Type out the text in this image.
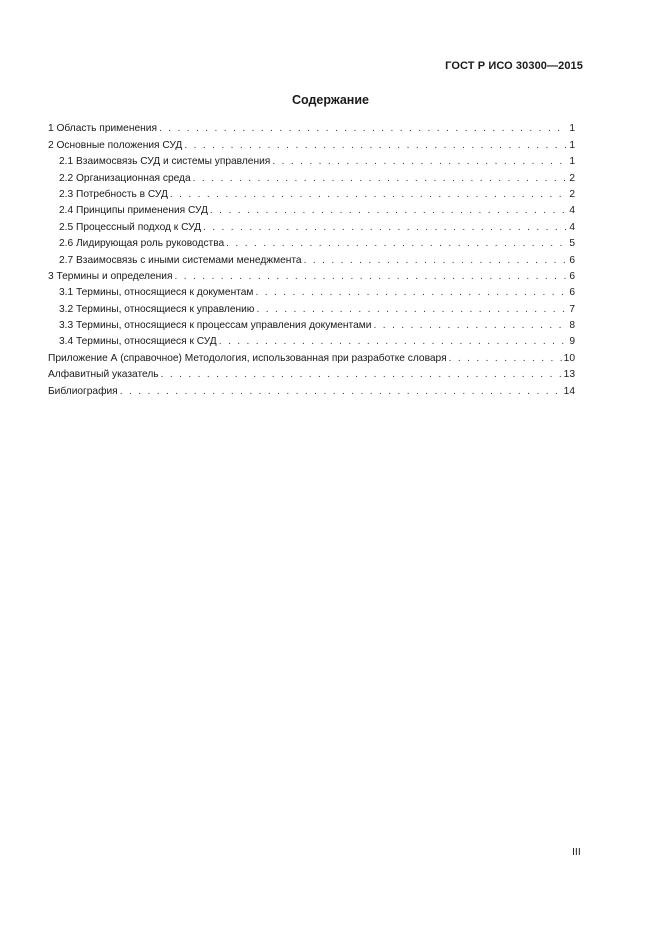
ГОСТ Р ИСО 30300—2015
Содержание
1 Область применения . . .	1
2 Основные положения СУД . . .	1
2.1 Взаимосвязь СУД и системы управления . . .	1
2.2 Организационная среда . . .	2
2.3 Потребность в СУД . . .	2
2.4 Принципы применения СУД . . .	4
2.5 Процессный подход к СУД . . .	4
2.6 Лидирующая роль руководства . . .	5
2.7 Взаимосвязь с иными системами менеджмента . . .	6
3 Термины и определения . . .	6
3.1 Термины, относящиеся к документам . . .	6
3.2 Термины, относящиеся к управлению . . .	7
3.3 Термины, относящиеся к процессам управления документами . . .	8
3.4 Термины, относящиеся к СУД . . .	9
Приложение А (справочное) Методология, использованная при разработке словаря . . .	10
Алфавитный указатель . . .	13
Библиография . . .	14
III
